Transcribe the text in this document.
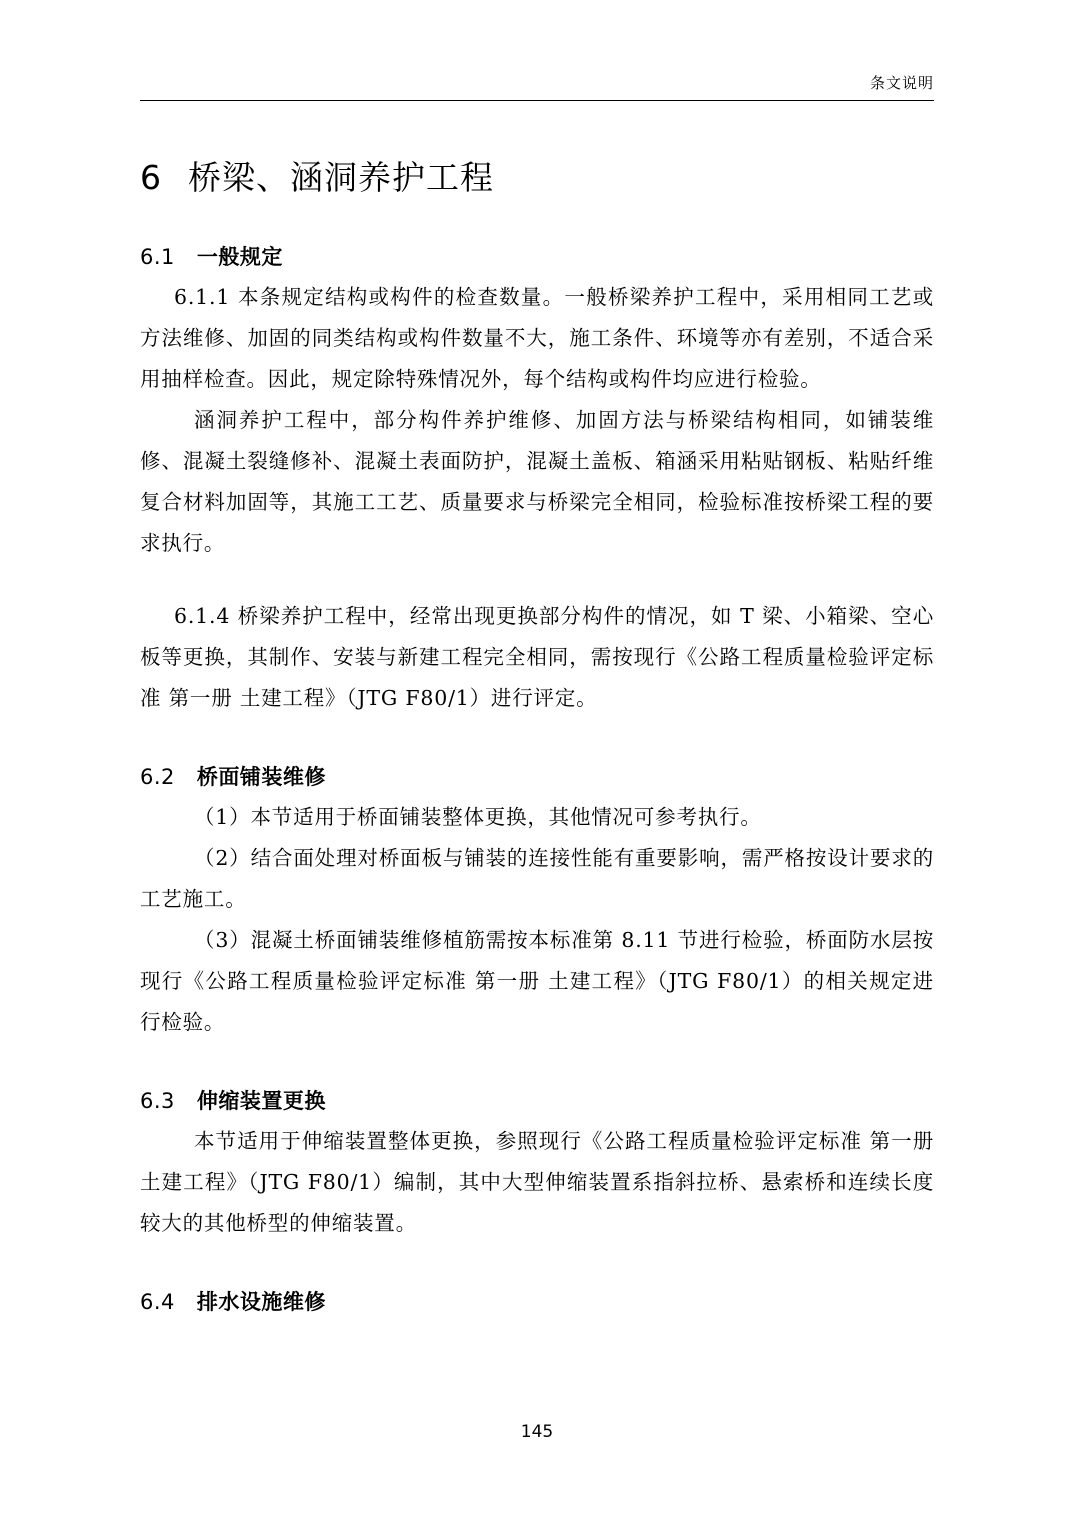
条文说明
6 桥梁、涵洞养护工程
6.1 一般规定

6.1.1 本条规定结构或构件的检查数量。一般桥梁养护工程中，采用相同工艺或方法维修、加固的同类结构或构件数量不大，施工条件、环境等亦有差别，不适合采用抽样检查。因此，规定除特殊情况外，每个结构或构件均应进行检验。

涵洞养护工程中，部分构件养护维修、加固方法与桥梁结构相同，如铺装维修、混凝土裂缝修补、混凝土表面防护，混凝土盖板、箱涵采用粘贴钢板、粘贴纤维复合材料加固等，其施工工艺、质量要求与桥梁完全相同，检验标准按桥梁工程的要求执行。

6.1.4 桥梁养护工程中，经常出现更换部分构件的情况，如 T 梁、小箱梁、空心板等更换，其制作、安装与新建工程完全相同，需按现行《公路工程质量检验评定标准 第一册 土建工程》（JTG F80/1）进行评定。

6.2 桥面铺装维修

（1）本节适用于桥面铺装整体更换，其他情况可参考执行。

（2）结合面处理对桥面板与铺装的连接性能有重要影响，需严格按设计要求的工艺施工。

（3）混凝土桥面铺装维修植筋需按本标准第 8.11 节进行检验，桥面防水层按现行《公路工程质量检验评定标准 第一册 土建工程》（JTG F80/1）的相关规定进行检验。

6.3 伸缩装置更换

本节适用于伸缩装置整体更换，参照现行《公路工程质量检验评定标准 第一册 土建工程》（JTG F80/1）编制，其中大型伸缩装置系指斜拉桥、悬索桥和连续长度较大的其他桥型的伸缩装置。

6.4 排水设施维修
145
